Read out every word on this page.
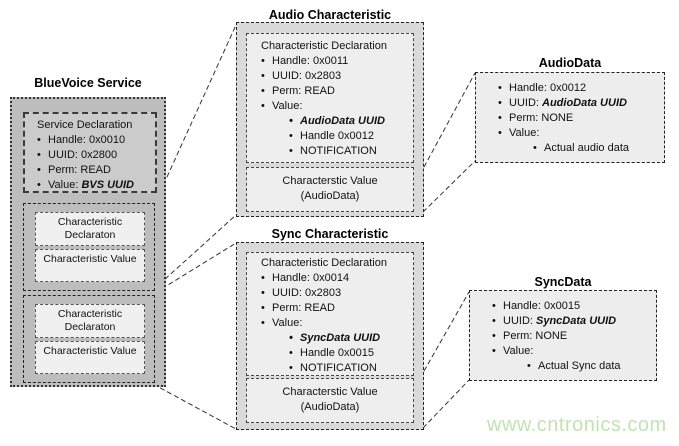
BlueVoice Service
Service Declaration
• Handle: 0x0010
• UUID: 0x2800
• Perm: READ
• Value: BVS UUID
Characteristic Declaraton
Characteristic Value
Characteristic Declaraton
Characteristic Value
Audio Characteristic
Characteristic Declaration
• Handle: 0x0011
• UUID: 0x2803
• Perm: READ
• Value:
• AudioData UUID
• Handle 0x0012
• NOTIFICATION
Characterstic Value
(AudioData)
Sync Characteristic
Characteristic Declaration
• Handle: 0x0014
• UUID: 0x2803
• Perm: READ
• Value:
• SyncData UUID
• Handle 0x0015
• NOTIFICATION
Characterstic Value
(AudioData)
AudioData
• Handle: 0x0012
• UUID: AudioData UUID
• Perm: NONE
• Value:
• Actual audio data
SyncData
• Handle: 0x0015
• UUID: SyncData UUID
• Perm: NONE
• Value:
• Actual Sync data
www.cntronics.com
